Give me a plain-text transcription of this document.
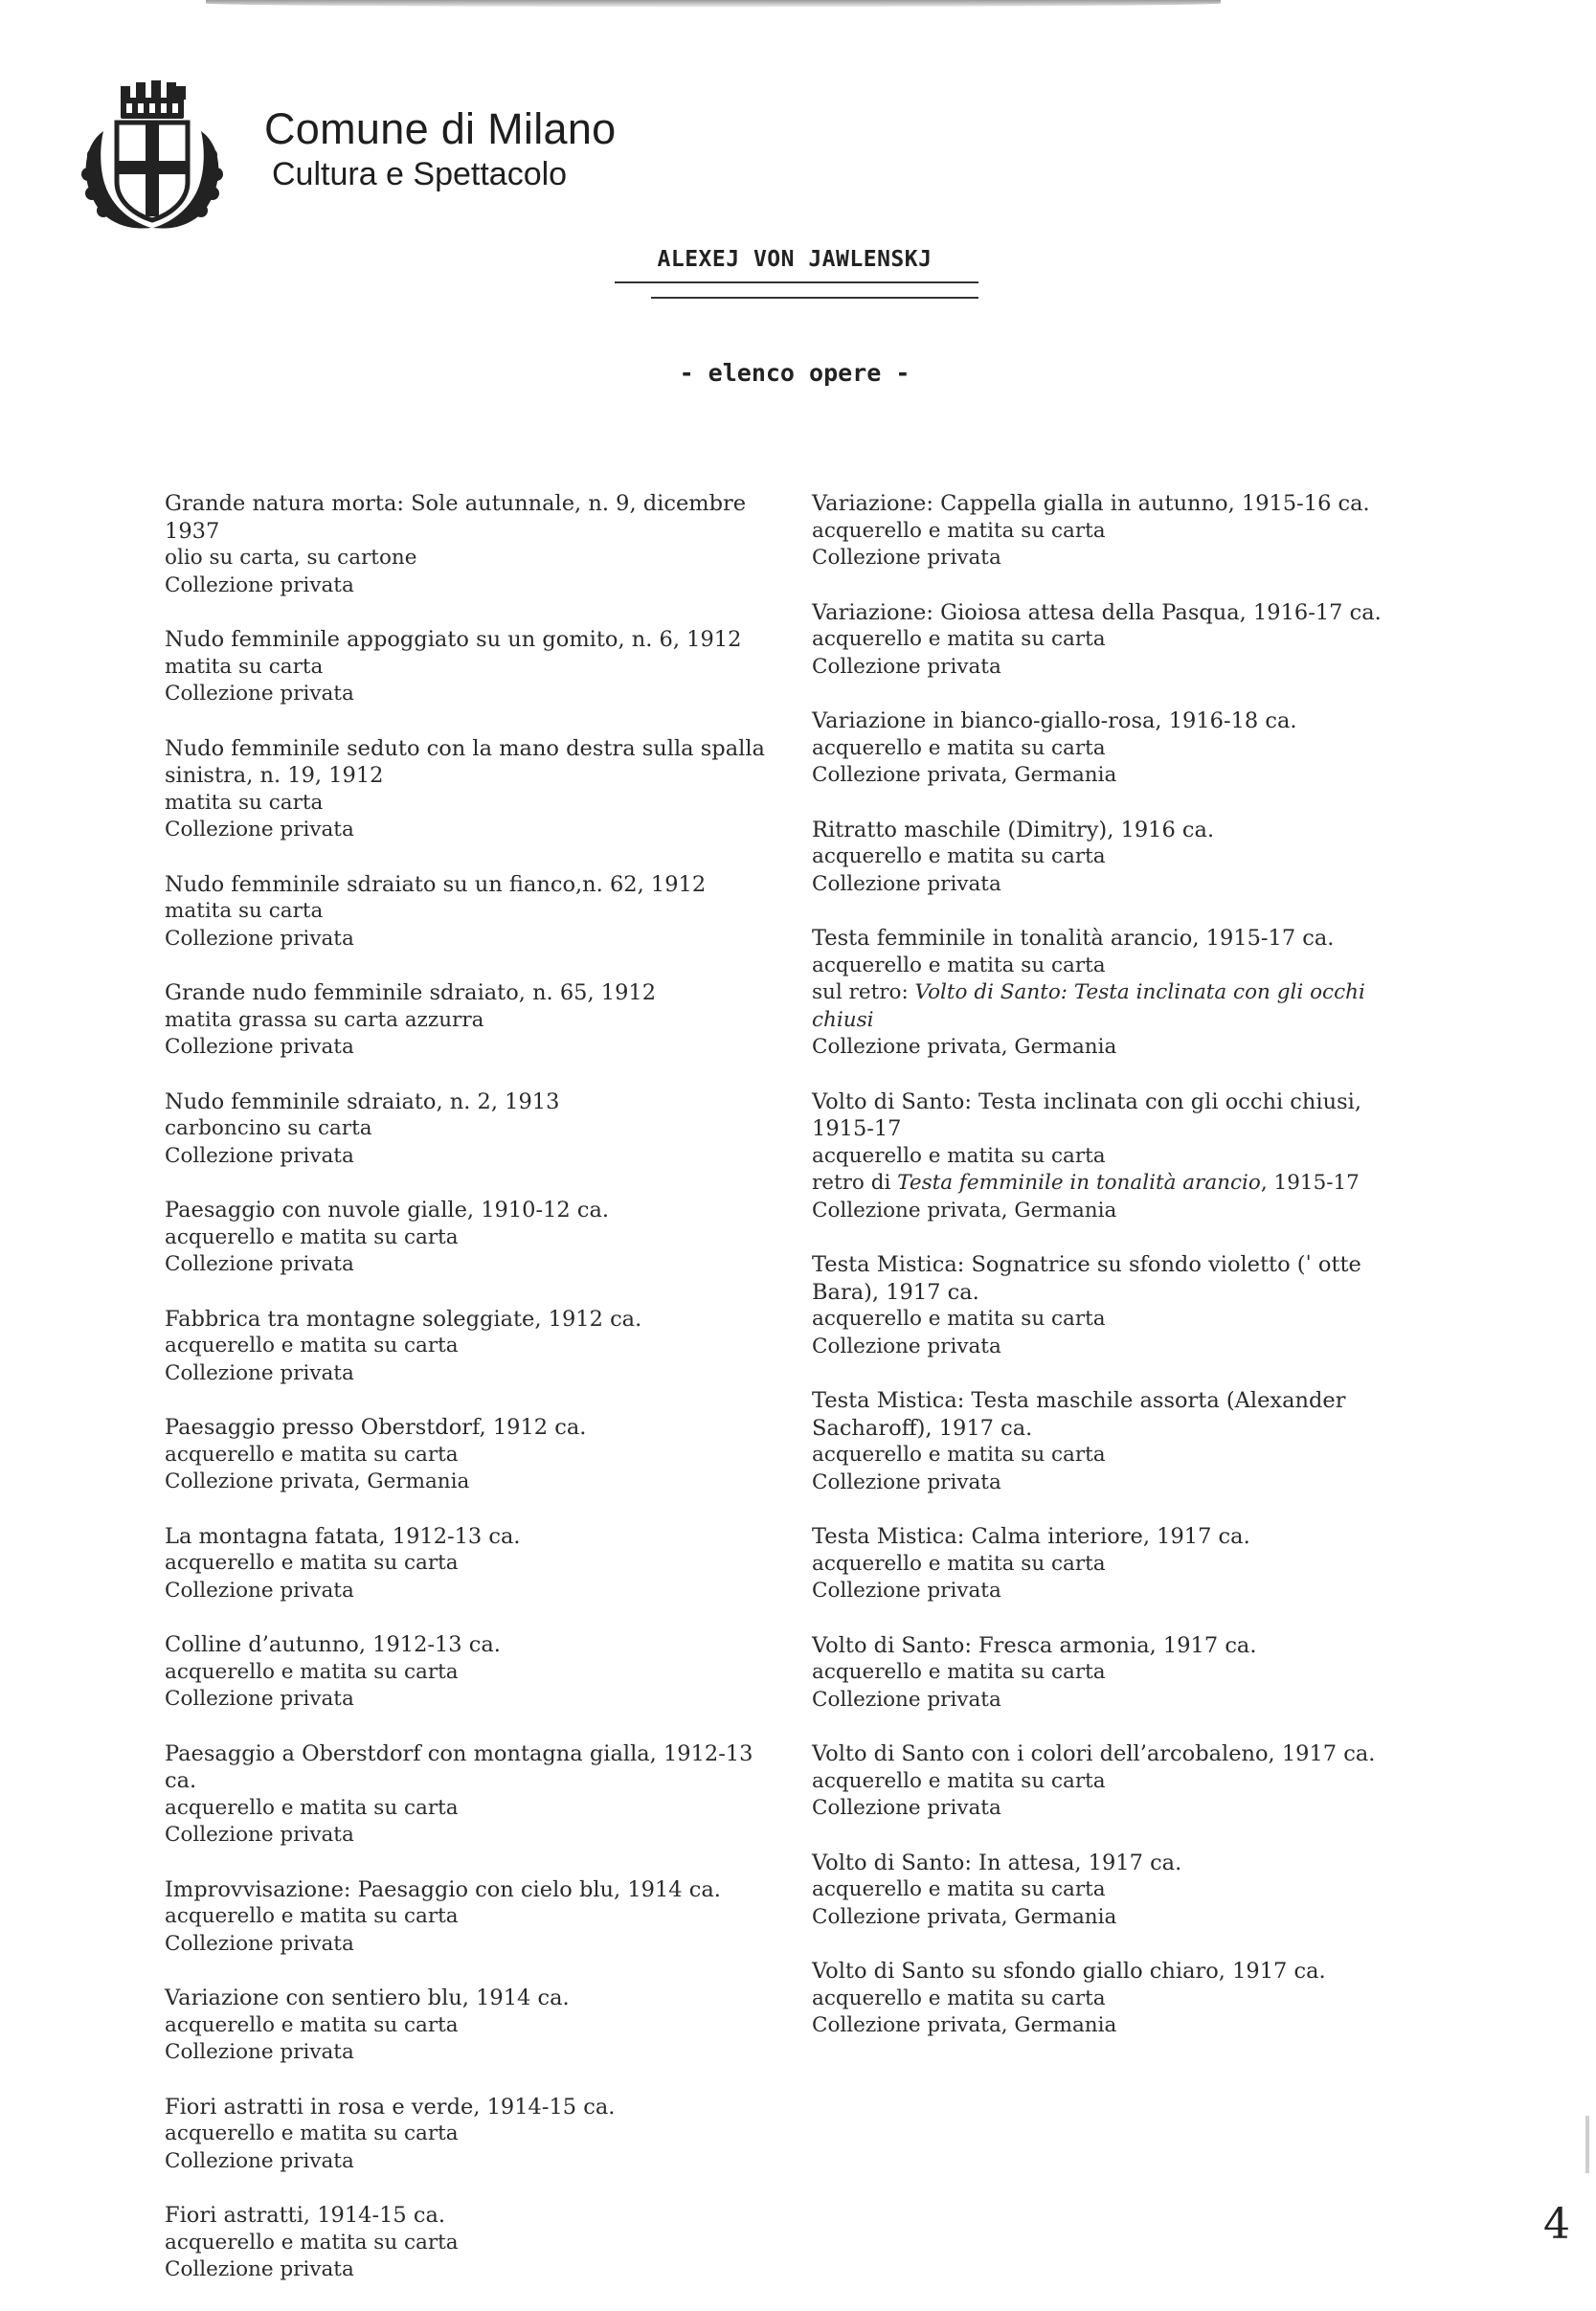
Comune di Milano
Cultura e Spettacolo
ALEXEJ VON JAWLENSKJ
- elenco opere -
Grande natura morta: Sole autunnale, n. 9, dicembre 1937
olio su carta, su cartone
Collezione privata
Nudo femminile appoggiato su un gomito, n. 6, 1912
matita su carta
Collezione privata
Nudo femminile seduto con la mano destra sulla spalla sinistra, n. 19, 1912
matita su carta
Collezione privata
Nudo femminile sdraiato su un fianco,n. 62, 1912
matita su carta
Collezione privata
Grande nudo femminile sdraiato, n. 65, 1912
matita grassa su carta azzurra
Collezione privata
Nudo femminile sdraiato, n. 2, 1913
carboncino su carta
Collezione privata
Paesaggio con nuvole gialle, 1910-12 ca.
acquerello e matita su carta
Collezione privata
Fabbrica tra montagne soleggiate, 1912 ca.
acquerello e matita su carta
Collezione privata
Paesaggio presso Oberstdorf, 1912 ca.
acquerello e matita su carta
Collezione privata, Germania
La montagna fatata, 1912-13 ca.
acquerello e matita su carta
Collezione privata
Colline d’autunno, 1912-13 ca.
acquerello e matita su carta
Collezione privata
Paesaggio a Oberstdorf con montagna gialla, 1912-13 ca.
acquerello e matita su carta
Collezione privata
Improvvisazione: Paesaggio con cielo blu, 1914 ca.
acquerello e matita su carta
Collezione privata
Variazione con sentiero blu, 1914 ca.
acquerello e matita su carta
Collezione privata
Fiori astratti in rosa e verde, 1914-15 ca.
acquerello e matita su carta
Collezione privata
Fiori astratti, 1914-15 ca.
acquerello e matita su carta
Collezione privata
Variazione: Cappella gialla in autunno, 1915-16 ca.
acquerello e matita su carta
Collezione privata
Variazione: Gioiosa attesa della Pasqua, 1916-17 ca.
acquerello e matita su carta
Collezione privata
Variazione in bianco-giallo-rosa, 1916-18 ca.
acquerello e matita su carta
Collezione privata, Germania
Ritratto maschile (Dimitry), 1916 ca.
acquerello e matita su carta
Collezione privata
Testa femminile in tonalità arancio, 1915-17 ca.
acquerello e matita su carta
sul retro: Volto di Santo: Testa inclinata con gli occhi chiusi
Collezione privata, Germania
Volto di Santo: Testa inclinata con gli occhi chiusi, 1915-17
acquerello e matita su carta
retro di Testa femminile in tonalità arancio, 1915-17
Collezione privata, Germania
Testa Mistica: Sognatrice su sfondo violetto (ˈ otte Bara), 1917 ca.
acquerello e matita su carta
Collezione privata
Testa Mistica: Testa maschile assorta (Alexander Sacharoff), 1917 ca.
acquerello e matita su carta
Collezione privata
Testa Mistica: Calma interiore, 1917 ca.
acquerello e matita su carta
Collezione privata
Volto di Santo: Fresca armonia, 1917 ca.
acquerello e matita su carta
Collezione privata
Volto di Santo con i colori dell’arcobaleno, 1917 ca.
acquerello e matita su carta
Collezione privata
Volto di Santo: In attesa, 1917 ca.
acquerello e matita su carta
Collezione privata, Germania
Volto di Santo su sfondo giallo chiaro, 1917 ca.
acquerello e matita su carta
Collezione privata, Germania
4
